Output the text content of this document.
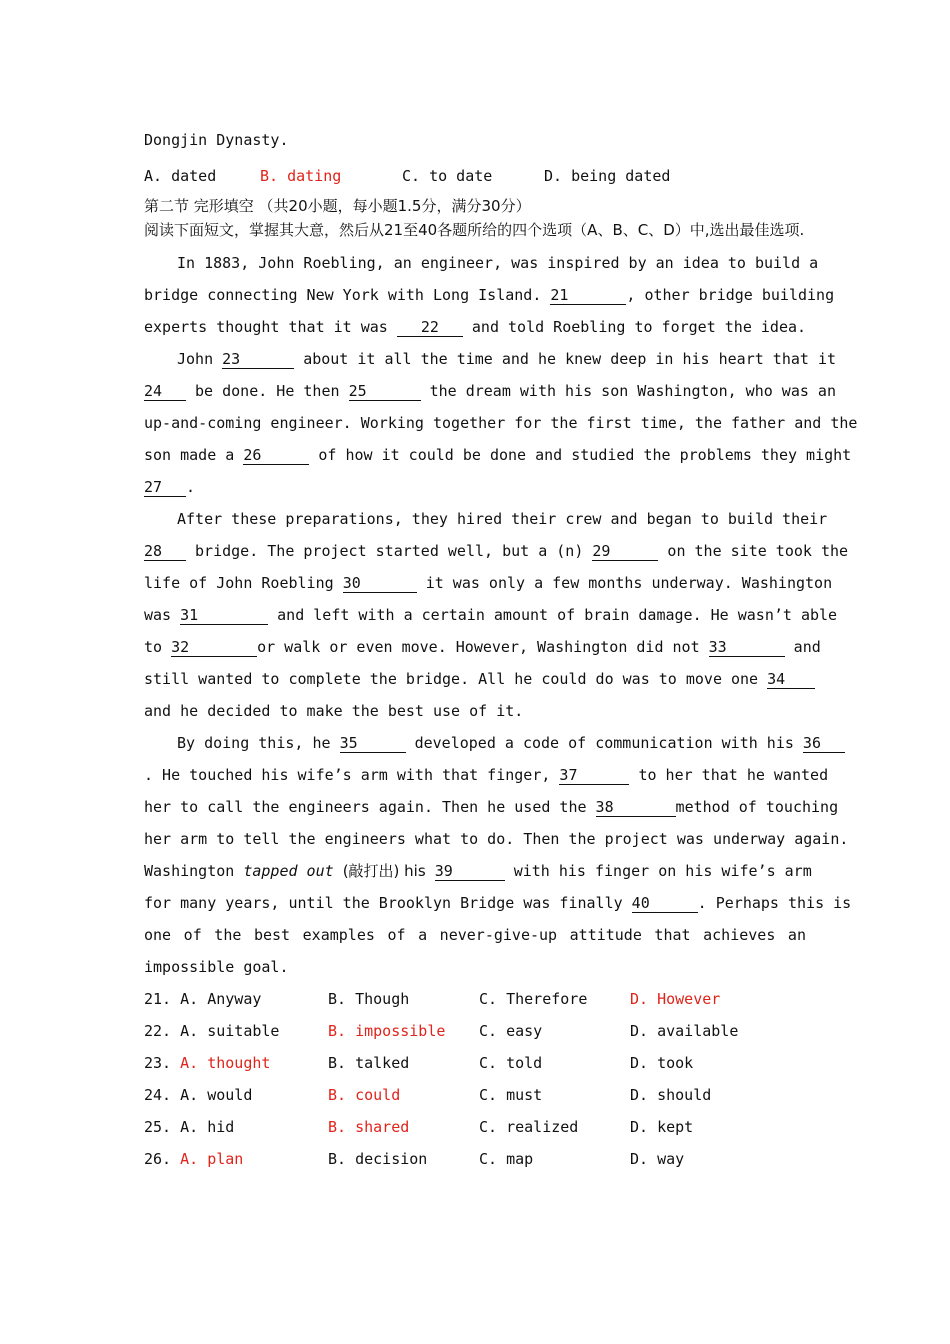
Dongjin Dynasty.
A. dated	B. dating	C. to date	D. being dated
第二节 完形填空 （共20小题，每小题1.5分，满分30分）
阅读下面短文，掌握其大意，然后从21至40各题所给的四个选项（A、B、C、D）中,选出最佳选项.
In 1883, John Roebling, an engineer, was inspired by an idea to build a
bridge connecting New York with Long Island. 21	, other bridge building
experts thought that it was 22 and told Roebling to forget the idea.
John 23	about it all the time and he knew deep in his heart that it
24 be done. He then 25	the dream with his son Washington, who was an
up-and-coming engineer. Working together for the first time, the father and the
son made a 26	of how it could be done and studied the problems they might
27 .
After these preparations, they hired their crew and began to build their
28 bridge. The project started well, but a (n) 29	on the site took the
life of John Roebling 30	it was only a few months underway. Washington
was 31	and left with a certain amount of brain damage. He wasn’t able
to 32	or walk or even move. However, Washington did not 33	and
still wanted to complete the bridge. All he could do was to move one 34
and he decided to make the best use of it.
By doing this, he 35	developed a code of communication with his 36
. He touched his wife’s arm with that finger, 37	to her that he wanted
her to call the engineers again. Then he used the 38	method of touching
her arm to tell the engineers what to do. Then the project was underway again.
Washington tapped out (敲打出) his 39	with his finger on his wife’s arm
for many years, until the Brooklyn Bridge was finally 40	. Perhaps this is
one of the best examples of a never-give-up attitude that achieves an
impossible goal.
21. A. Anyway	B. Though	C. Therefore	D. However
22. A. suitable	B. impossible	C. easy	D. available
23. A. thought	B. talked	C. told	D. took
24. A. would	B. could	C. must	D. should
25. A. hid	B. shared	C. realized	D. kept
26. A. plan	B. decision	C. map	D. way
